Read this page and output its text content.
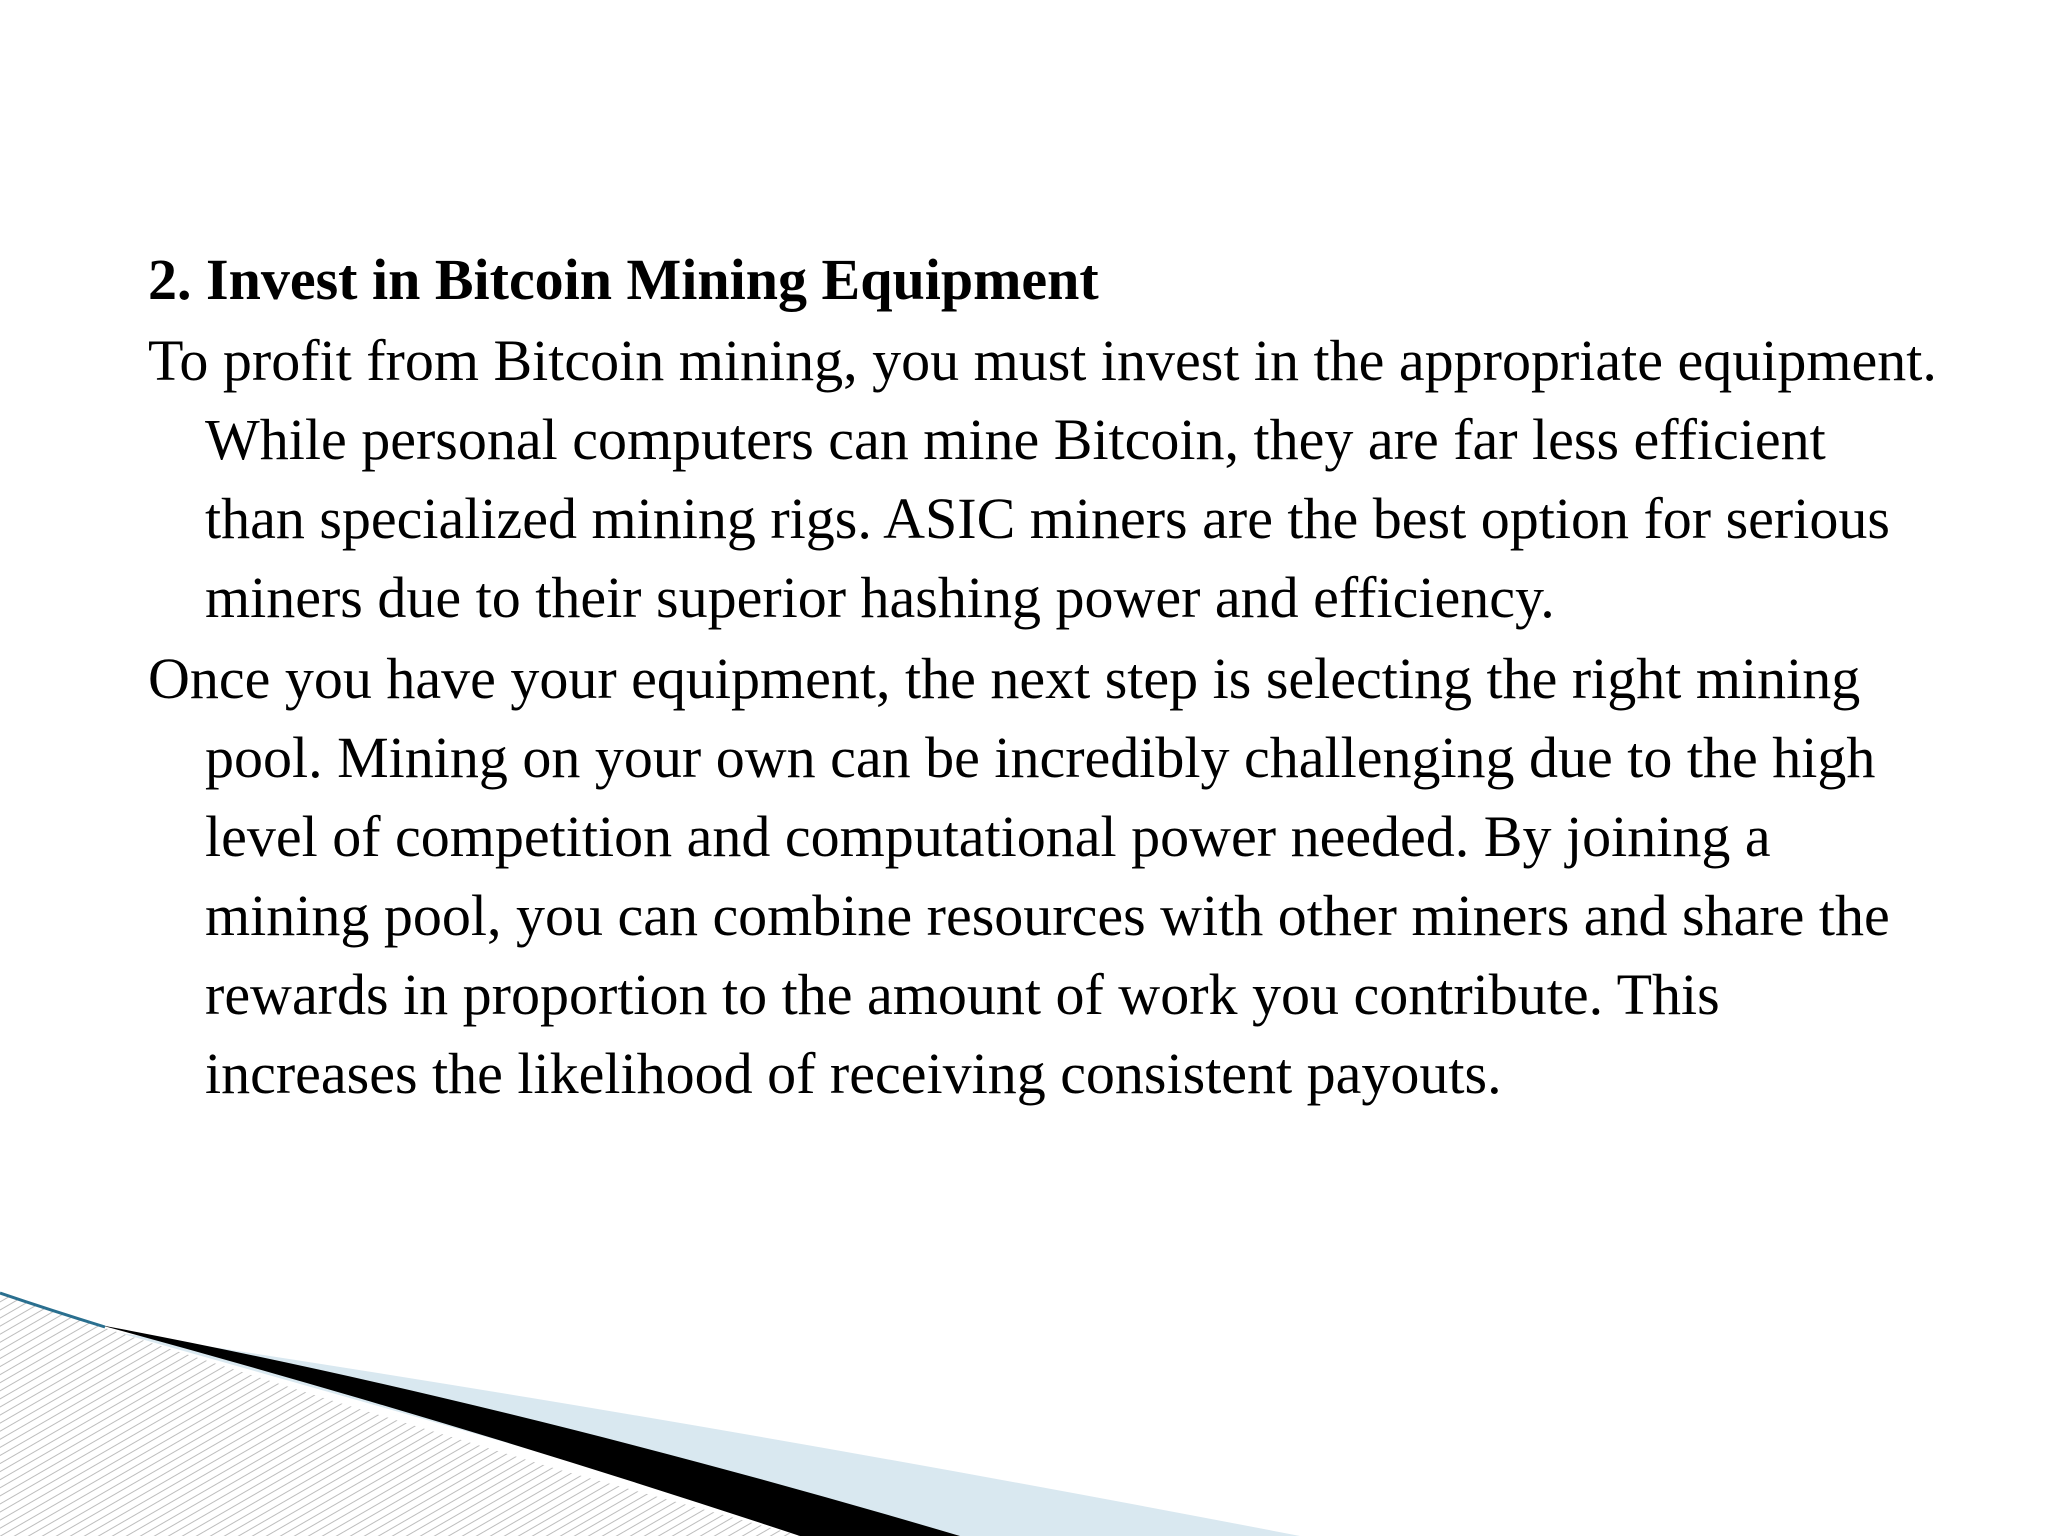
2. Invest in Bitcoin Mining Equipment

To profit from Bitcoin mining, you must invest in the appropriate equipment. While personal computers can mine Bitcoin, they are far less efficient than specialized mining rigs. ASIC miners are the best option for serious miners due to their superior hashing power and efficiency.

Once you have your equipment, the next step is selecting the right mining pool. Mining on your own can be incredibly challenging due to the high level of competition and computational power needed. By joining a mining pool, you can combine resources with other miners and share the rewards in proportion to the amount of work you contribute. This increases the likelihood of receiving consistent payouts.
